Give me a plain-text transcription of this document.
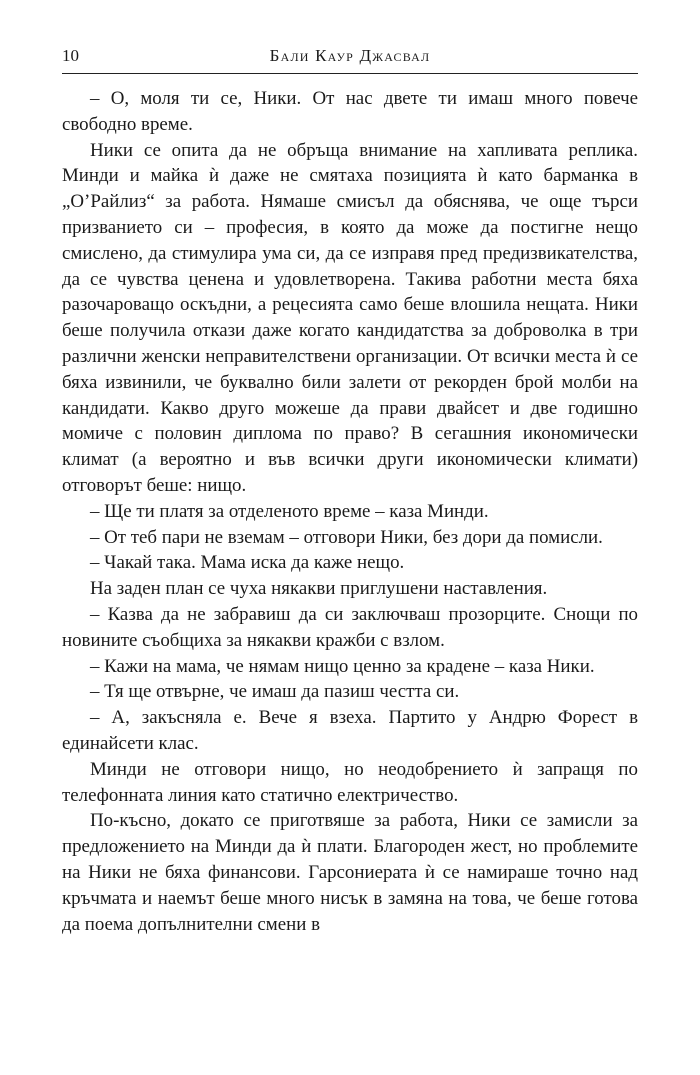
10	Бали Каур Джасвал

– О, моля ти се, Ники. От нас двете ти имаш много повече свободно време.

Ники се опита да не обръща внимание на хапливата реплика. Минди и майка ѝ даже не смятаха позицията ѝ като барманка в „О’Райлиз“ за работа. Нямаше смисъл да обяснява, че още търси призванието си – професия, в която да може да постигне нещо смислено, да стимулира ума си, да се изправя пред предизвикателства, да се чувства ценена и удовлетворена. Такива работни места бяха разочароващо оскъдни, а рецесията само беше влошила нещата. Ники беше получила откази даже когато кандидатства за доброволка в три различни женски неправителствени организации. От всички места ѝ се бяха извинили, че буквално били залети от рекорден брой молби на кандидати. Какво друго можеше да прави двайсет и две годишно момиче с половин диплома по право? В сегашния икономически климат (а вероятно и във всички други икономически климати) отговорът беше: нищо.

– Ще ти платя за отделеното време – каза Минди.

– От теб пари не вземам – отговори Ники, без дори да помисли.

– Чакай така. Мама иска да каже нещо.

На заден план се чуха някакви приглушени наставления.

– Казва да не забравиш да си заключваш прозорците. Снощи по новините съобщиха за някакви кражби с взлом.

– Кажи на мама, че нямам нищо ценно за крадене – каза Ники.

– Тя ще отвърне, че имаш да пазиш честта си.

– А, закъсняла е. Вече я взеха. Партито у Андрю Форест в единайсети клас.

Минди не отговори нищо, но неодобрението ѝ запращя по телефонната линия като статично електричество.

По-късно, докато се приготвяше за работа, Ники се замисли за предложението на Минди да ѝ плати. Благороден жест, но проблемите на Ники не бяха финансови. Гарсониерата ѝ се намираше точно над кръчмата и наемът беше много нисък в замяна на това, че беше готова да поема допълнителни смени в
